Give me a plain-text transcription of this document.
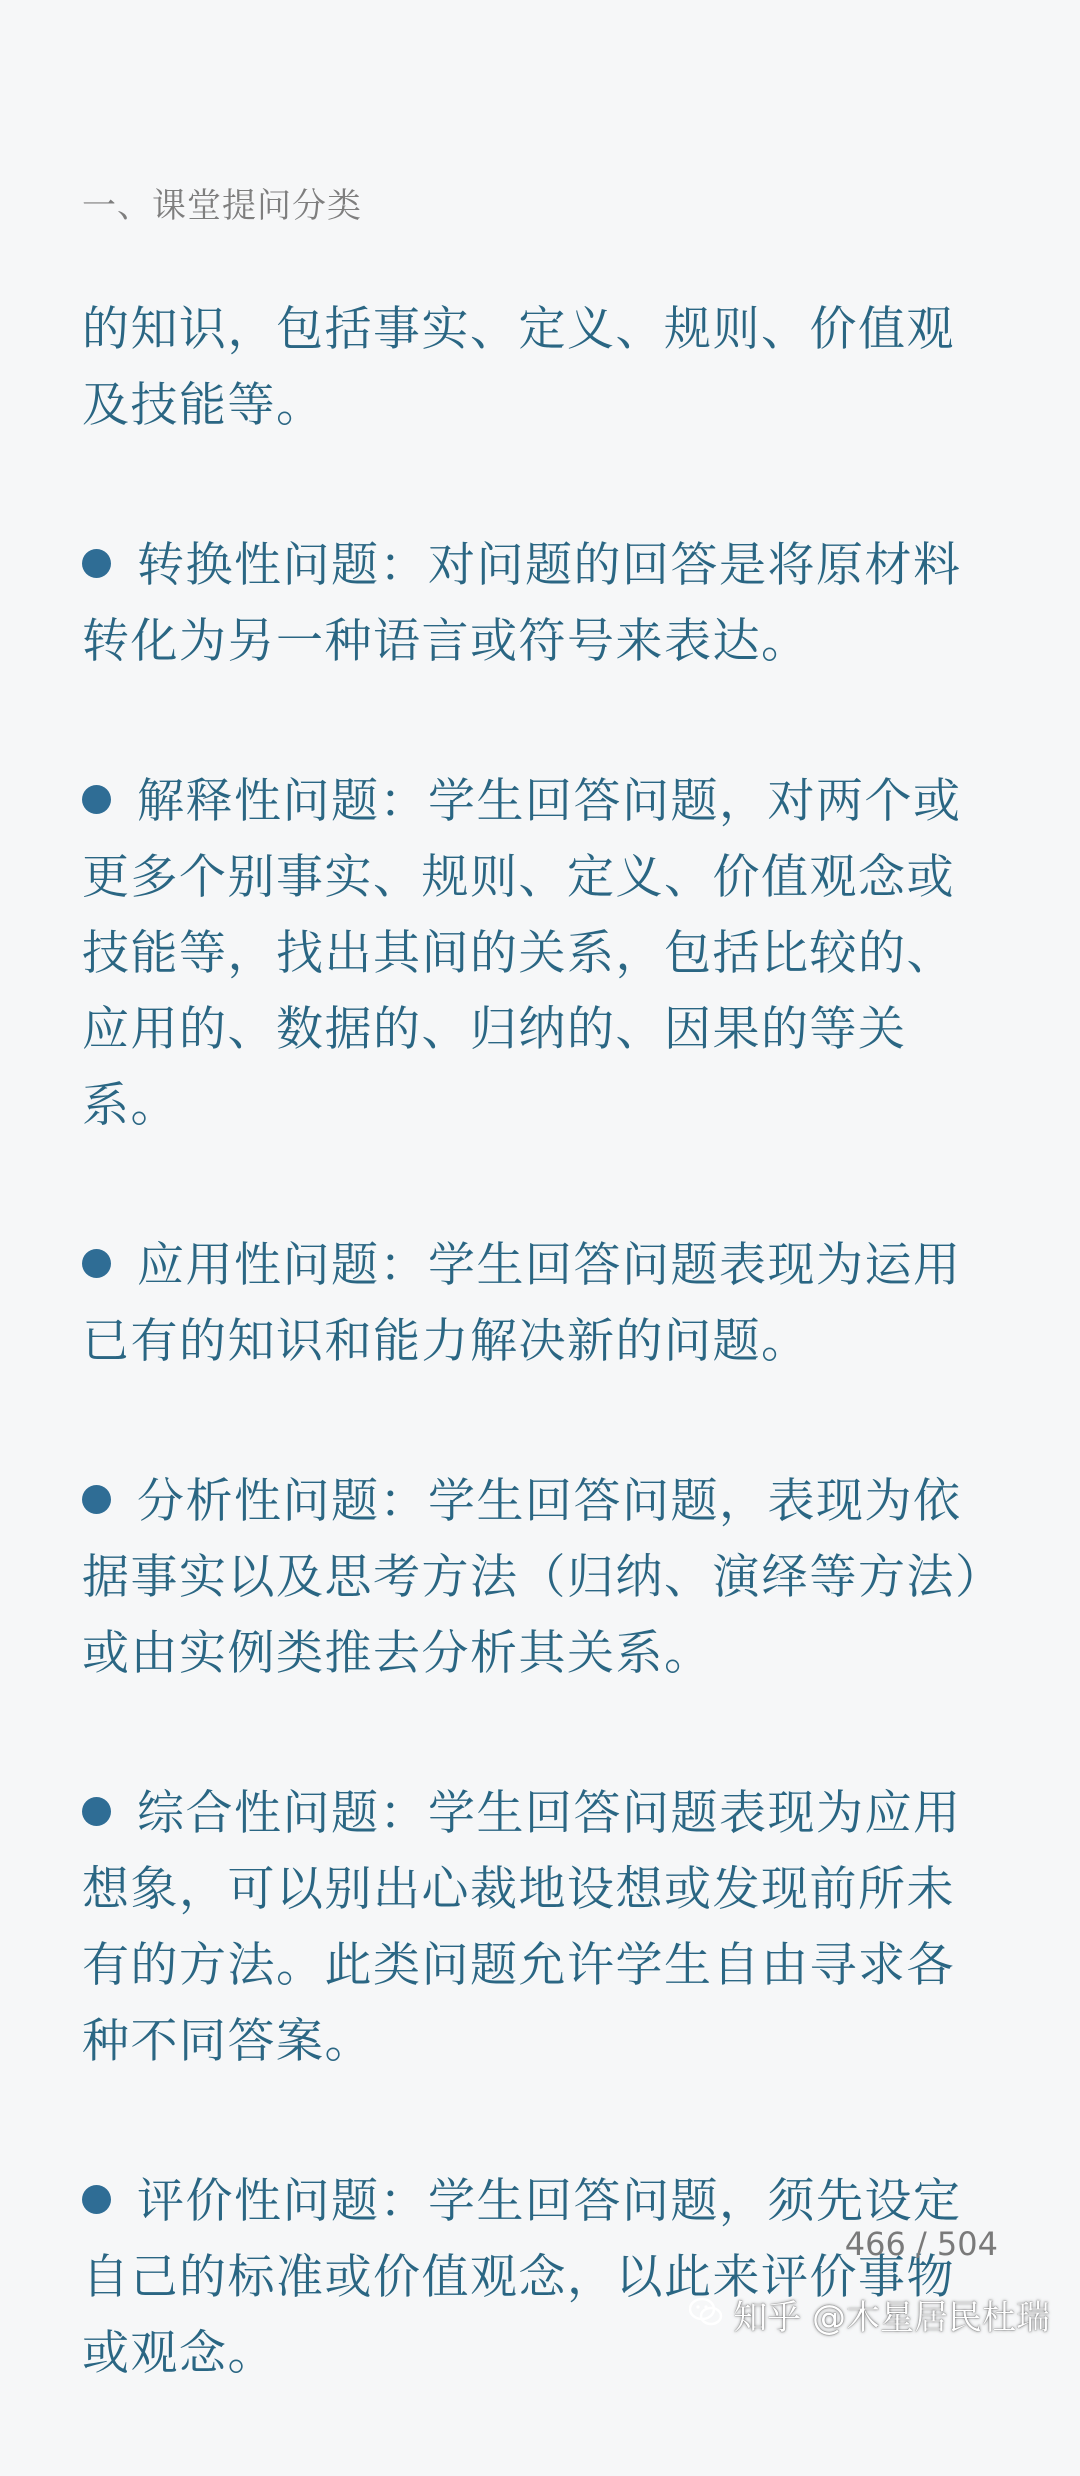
一、课堂提问分类

的知识，包括事实、定义、规则、价值观及技能等。

转换性问题：对问题的回答是将原材料转化为另一种语言或符号来表达。

解释性问题：学生回答问题，对两个或更多个别事实、规则、定义、价值观念或技能等，找出其间的关系，包括比较的、应用的、数据的、归纳的、因果的等关系。

应用性问题：学生回答问题表现为运用已有的知识和能力解决新的问题。

分析性问题：学生回答问题，表现为依据事实以及思考方法（归纳、演绎等方法）或由实例类推去分析其关系。

综合性问题：学生回答问题表现为应用想象，可以别出心裁地设想或发现前所未有的方法。此类问题允许学生自由寻求各种不同答案。

评价性问题：学生回答问题，须先设定自己的标准或价值观念，以此来评价事物或观念。

466 / 504
知乎 @木星居民杜瑞
